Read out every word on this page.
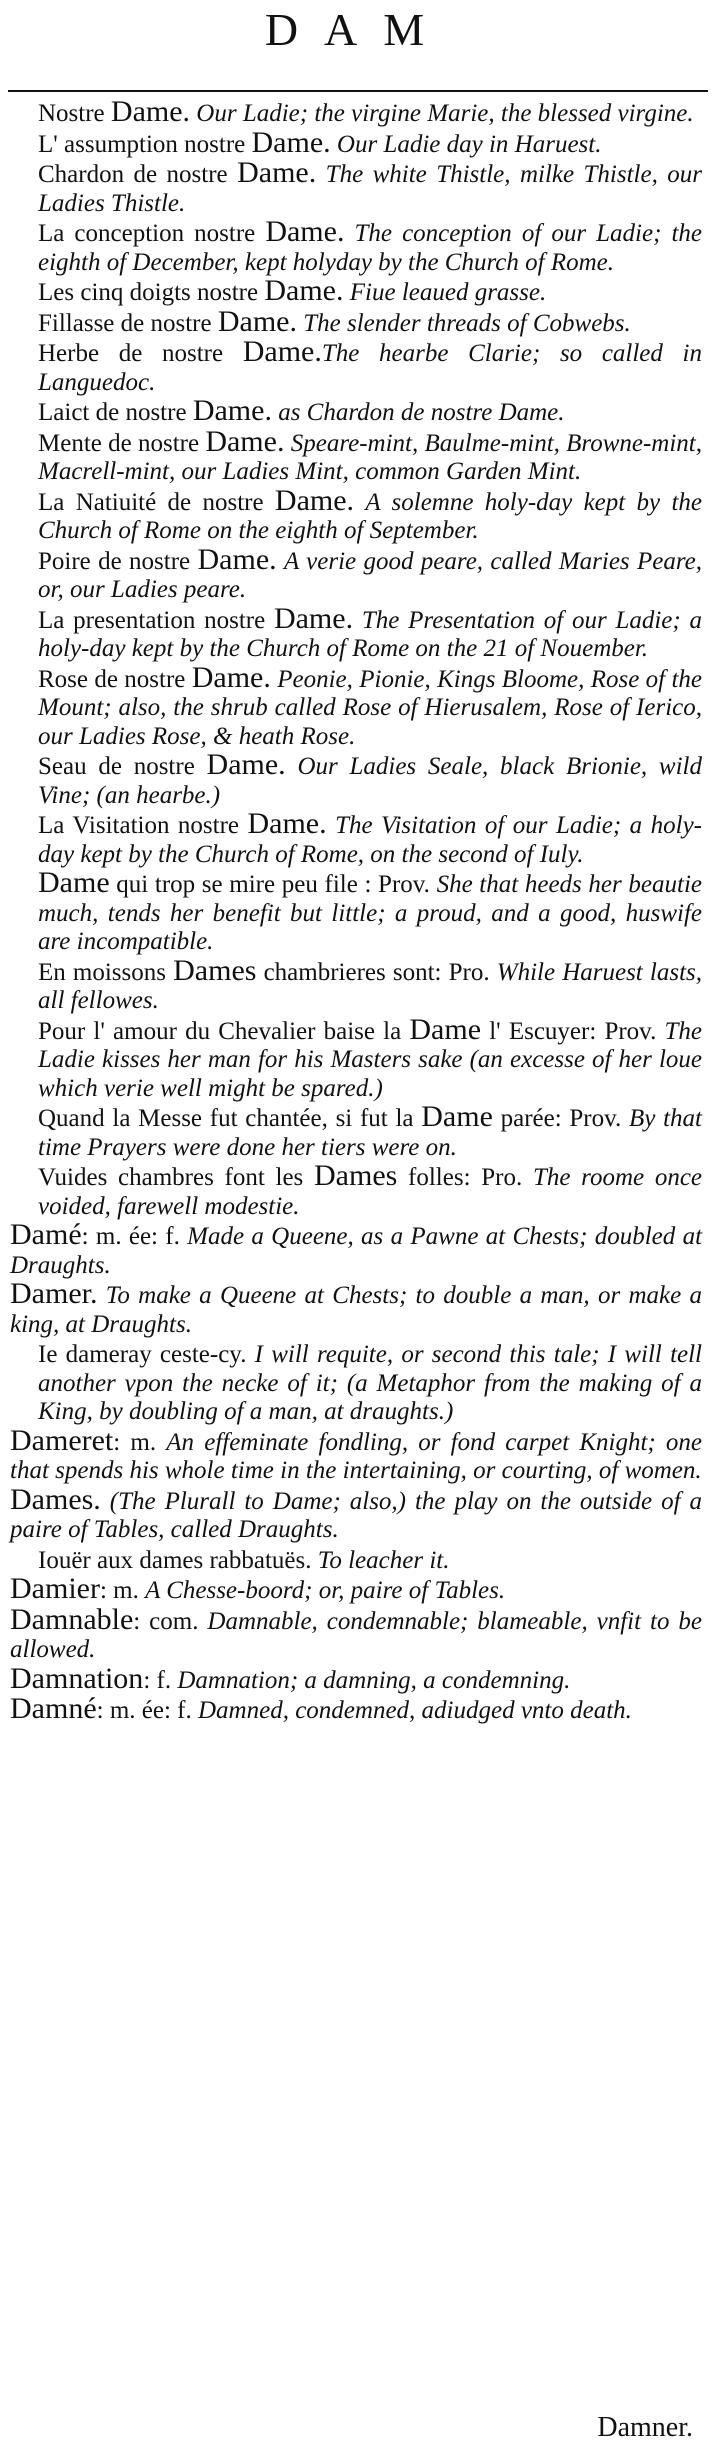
DAM

Nostre Dame. Our Ladie; the virgine Marie, the blessed virgine.

L' assumption nostre Dame. Our Ladie day in Haruest.

Chardon de nostre Dame. The white Thistle, milke Thistle, our Ladies Thistle.

La conception nostre Dame. The conception of our Ladie; the eighth of December, kept holyday by the Church of Rome.

Les cinq doigts nostre Dame. Fiue leaued grasse.

Fillasse de nostre Dame. The slender threads of Cobwebs.

Herbe de nostre Dame.The hearbe Clarie; so called in Languedoc.

Laict de nostre Dame. as Chardon de nostre Dame.

Mente de nostre Dame. Speare-mint, Baulme-mint, Browne-mint, Macrell-mint, our Ladies Mint, common Garden Mint.

La Natiuité de nostre Dame. A solemne holy-day kept by the Church of Rome on the eighth of September.

Poire de nostre Dame. A verie good peare, called Maries Peare, or, our Ladies peare.

La presentation nostre Dame. The Presentation of our Ladie; a holy-day kept by the Church of Rome on the 21 of Nouember.

Rose de nostre Dame. Peonie, Pionie, Kings Bloome, Rose of the Mount; also, the shrub called Rose of Hierusalem, Rose of Ierico, our Ladies Rose, & heath Rose.

Seau de nostre Dame. Our Ladies Seale, black Brionie, wild Vine; (an hearbe.)

La Visitation nostre Dame. The Visitation of our Ladie; a holy-day kept by the Church of Rome, on the second of Iuly.

Dame qui trop se mire peu file : Prov. She that heeds her beautie much, tends her benefit but little; a proud, and a good, huswife are incompatible.

En moissons Dames chambrieres sont: Pro. While Haruest lasts, all fellowes.

Pour l' amour du Chevalier baise la Dame l' Escuyer: Prov. The Ladie kisses her man for his Masters sake (an excesse of her loue which verie well might be spared.)

Quand la Messe fut chantée, si fut la Dame parée: Prov. By that time Prayers were done her tiers were on.

Vuides chambres font les Dames folles: Pro. The roome once voided, farewell modestie.

Damé: m. ée: f. Made a Queene, as a Pawne at Chests; doubled at Draughts.

Damer. To make a Queene at Chests; to double a man, or make a king, at Draughts.

Ie dameray ceste-cy. I will requite, or second this tale; I will tell another vpon the necke of it; (a Metaphor from the making of a King, by doubling of a man, at draughts.)

Dameret: m. An effeminate fondling, or fond carpet Knight; one that spends his whole time in the intertaining, or courting, of women.

Dames. (The Plurall to Dame; also,) the play on the outside of a paire of Tables, called Draughts.

Iouër aux dames rabbatuës. To leacher it.

Damier: m. A Chesse-boord; or, paire of Tables.

Damnable: com. Damnable, condemnable; blameable, vnfit to be allowed.

Damnation: f. Damnation; a damning, a condemning.

Damné: m. ée: f. Damned, condemned, adiudged vnto death.

Damner.
